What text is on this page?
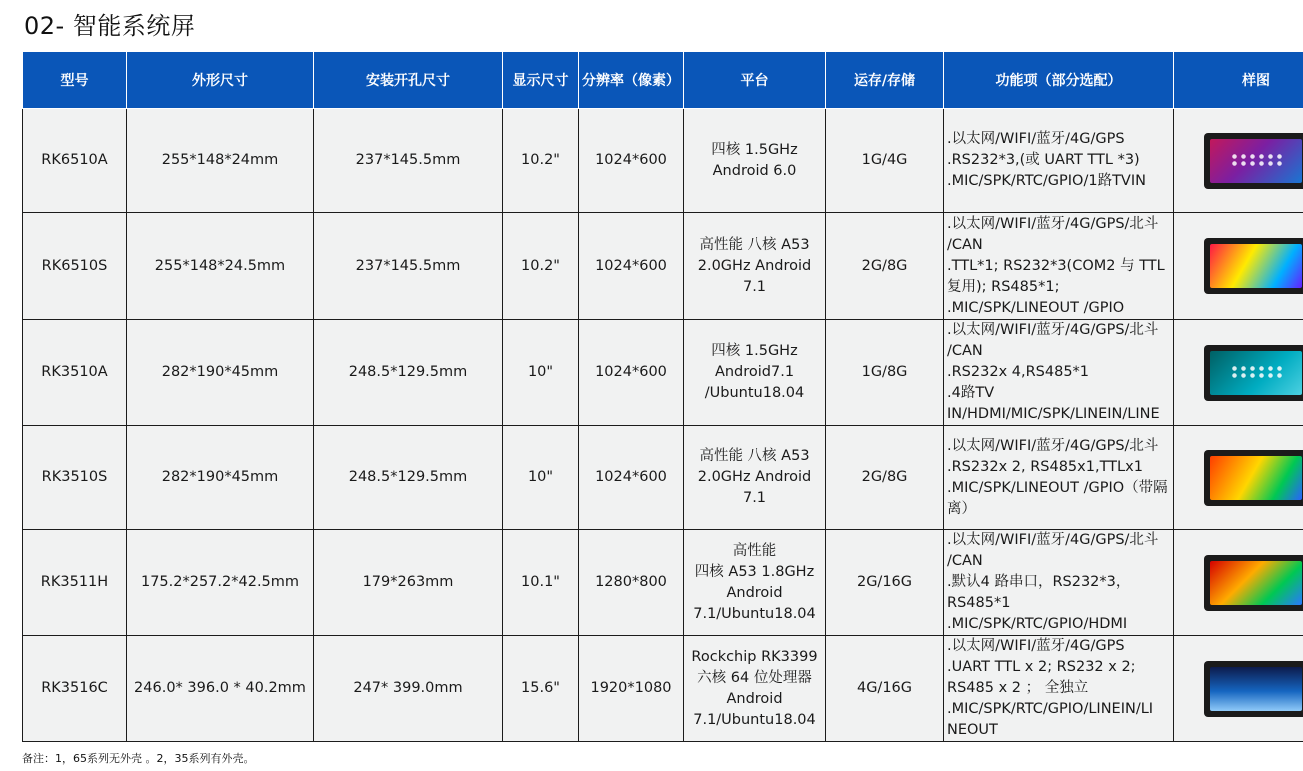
02- 智能系统屏
型号	外形尺寸	安装开孔尺寸	显示尺寸	分辨率（像素）	平台	运存/存储	功能项（部分选配）	样图
RK6510A	255*148*24mm	237*145.5mm	10.2"	1024*600	四核 1.5GHz
Android 6.0	1G/4G	.以太网/WIFI/蓝牙/4G/GPS
.RS232*3,(或 UART TTL *3)
.MIC/SPK/RTC/GPIO/1路TVIN	

RK6510S	255*148*24.5mm	237*145.5mm	10.2"	1024*600	高性能 八核 A53
2.0GHz Android 7.1	2G/8G	.以太网/WIFI/蓝牙/4G/GPS/北斗
/CAN
.TTL*1; RS232*3(COM2 与 TTL
复用); RS485*1;
.MIC/SPK/LINEOUT /GPIO	

RK3510A	282*190*45mm	248.5*129.5mm	10"	1024*600	四核 1.5GHz
Android7.1
/Ubuntu18.04	1G/8G	.以太网/WIFI/蓝牙/4G/GPS/北斗
/CAN
.RS232x 4,RS485*1
.4路TV
IN/HDMI/MIC/SPK/LINEIN/LINE	

RK3510S	282*190*45mm	248.5*129.5mm	10"	1024*600	高性能 八核 A53
2.0GHz Android 7.1	2G/8G	.以太网/WIFI/蓝牙/4G/GPS/北斗
.RS232x 2, RS485x1,TTLx1
.MIC/SPK/LINEOUT /GPIO（带隔
离）	

RK3511H	175.2*257.2*42.5mm	179*263mm	10.1"	1280*800	高性能
四核 A53 1.8GHz
Android
7.1/Ubuntu18.04	2G/16G	.以太网/WIFI/蓝牙/4G/GPS/北斗
/CAN
.默认4 路串口，RS232*3，
RS485*1
.MIC/SPK/RTC/GPIO/HDMI	

RK3516C	246.0* 396.0 * 40.2mm	247* 399.0mm	15.6"	1920*1080	Rockchip RK3399
六核 64 位处理器
Android
7.1/Ubuntu18.04	4G/16G	.以太网/WIFI/蓝牙/4G/GPS
.UART TTL x 2; RS232 x 2;
RS485 x 2 ； 全独立
.MIC/SPK/RTC/GPIO/LINEIN/LI
NEOUT	
备注：1，65系列无外壳 。2，35系列有外壳。
